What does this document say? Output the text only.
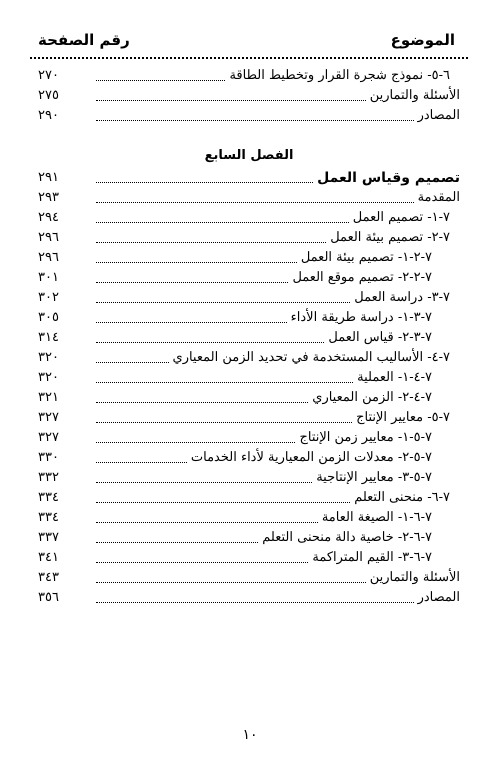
الموضوع
رقم الصفحة
٦-٥- نموذج شجرة القرار وتخطيط الطاقة
٢٧٠
الأسئلة والتمارين
٢٧٥
المصادر
٢٩٠
الفصل السابع
تصميم وقياس العمل
٢٩١
المقدمة
٢٩٣
٧-١- تصميم العمل
٢٩٤
٧-٢- تصميم بيئة العمل
٢٩٦
٧-٢-١- تصميم بيئة العمل
٢٩٦
٧-٢-٢- تصميم موقع العمل
٣٠١
٧-٣- دراسة العمل
٣٠٢
٧-٣-١- دراسة طريقة الأداء
٣٠٥
٧-٣-٢- قياس العمل
٣١٤
٧-٤- الأساليب المستخدمة في تحديد الزمن المعياري
٣٢٠
٧-٤-١- العملية
٣٢٠
٧-٤-٢- الزمن المعياري
٣٢١
٧-٥- معايير الإنتاج
٣٢٧
٧-٥-١- معايير زمن الإنتاج
٣٢٧
٧-٥-٢- معدلات الزمن المعيارية لأداء الخدمات
٣٣٠
٧-٥-٣- معايير الإنتاجية
٣٣٢
٧-٦- منحنى التعلم
٣٣٤
٧-٦-١- الصيغة العامة
٣٣٤
٧-٦-٢- خاصية دالة منحنى التعلم
٣٣٧
٧-٦-٣- القيم المتراكمة
٣٤١
الأسئلة والتمارين
٣٤٣
المصادر
٣٥٦
١٠
